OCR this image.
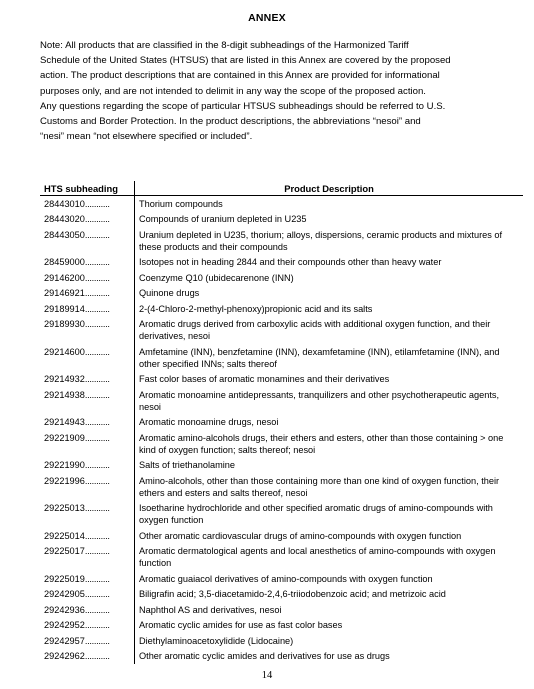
ANNEX
Note: All products that are classified in the 8-digit subheadings of the Harmonized Tariff
Schedule of the United States (HTSUS) that are listed in this Annex are covered by the proposed
action. The product descriptions that are contained in this Annex are provided for informational
purposes only, and are not intended to delimit in any way the scope of the proposed action.
Any questions regarding the scope of particular HTSUS subheadings should be referred to U.S.
Customs and Border Protection. In the product descriptions, the abbreviations “nesoi” and
“nesi” mean “not elsewhere specified or included”.
HTS subheading	Product Description
28443010...........	Thorium compounds
28443020...........	Compounds of uranium depleted in U235
28443050...........	Uranium depleted in U235, thorium; alloys, dispersions, ceramic products and mixtures of these products and their compounds
28459000...........	Isotopes not in heading 2844 and their compounds other than heavy water
29146200...........	Coenzyme Q10 (ubidecarenone (INN)
29146921...........	Quinone drugs
29189914...........	2-(4-Chloro-2-methyl-phenoxy)propionic acid and its salts
29189930...........	Aromatic drugs derived from carboxylic acids with additional oxygen function, and their derivatives, nesoi
29214600...........	Amfetamine (INN), benzfetamine (INN), dexamfetamine (INN), etilamfetamine (INN), and other specified INNs; salts thereof
29214932...........	Fast color bases of aromatic monamines and their derivatives
29214938...........	Aromatic monoamine antidepressants, tranquilizers and other psychotherapeutic agents, nesoi
29214943...........	Aromatic monoamine drugs, nesoi
29221909...........	Aromatic amino-alcohols drugs, their ethers and esters, other than those containing > one kind of oxygen function; salts thereof; nesoi
29221990...........	Salts of triethanolamine
29221996...........	Amino-alcohols, other than those containing more than one kind of oxygen function, their ethers and esters and salts thereof, nesoi
29225013...........	Isoetharine hydrochloride and other specified aromatic drugs of amino-compounds with oxygen function
29225014...........	Other aromatic cardiovascular drugs of amino-compounds with oxygen function
29225017...........	Aromatic dermatological agents and local anesthetics of amino-compounds with oxygen function
29225019...........	Aromatic guaiacol derivatives of amino-compounds with oxygen function
29242905...........	Biligrafin acid; 3,5-diacetamido-2,4,6-triiodobenzoic acid; and metrizoic acid
29242936...........	Naphthol AS and derivatives, nesoi
29242952...........	Aromatic cyclic amides for use as fast color bases
29242957...........	Diethylaminoacetoxylidide (Lidocaine)
29242962...........	Other aromatic cyclic amides and derivatives for use as drugs
14
